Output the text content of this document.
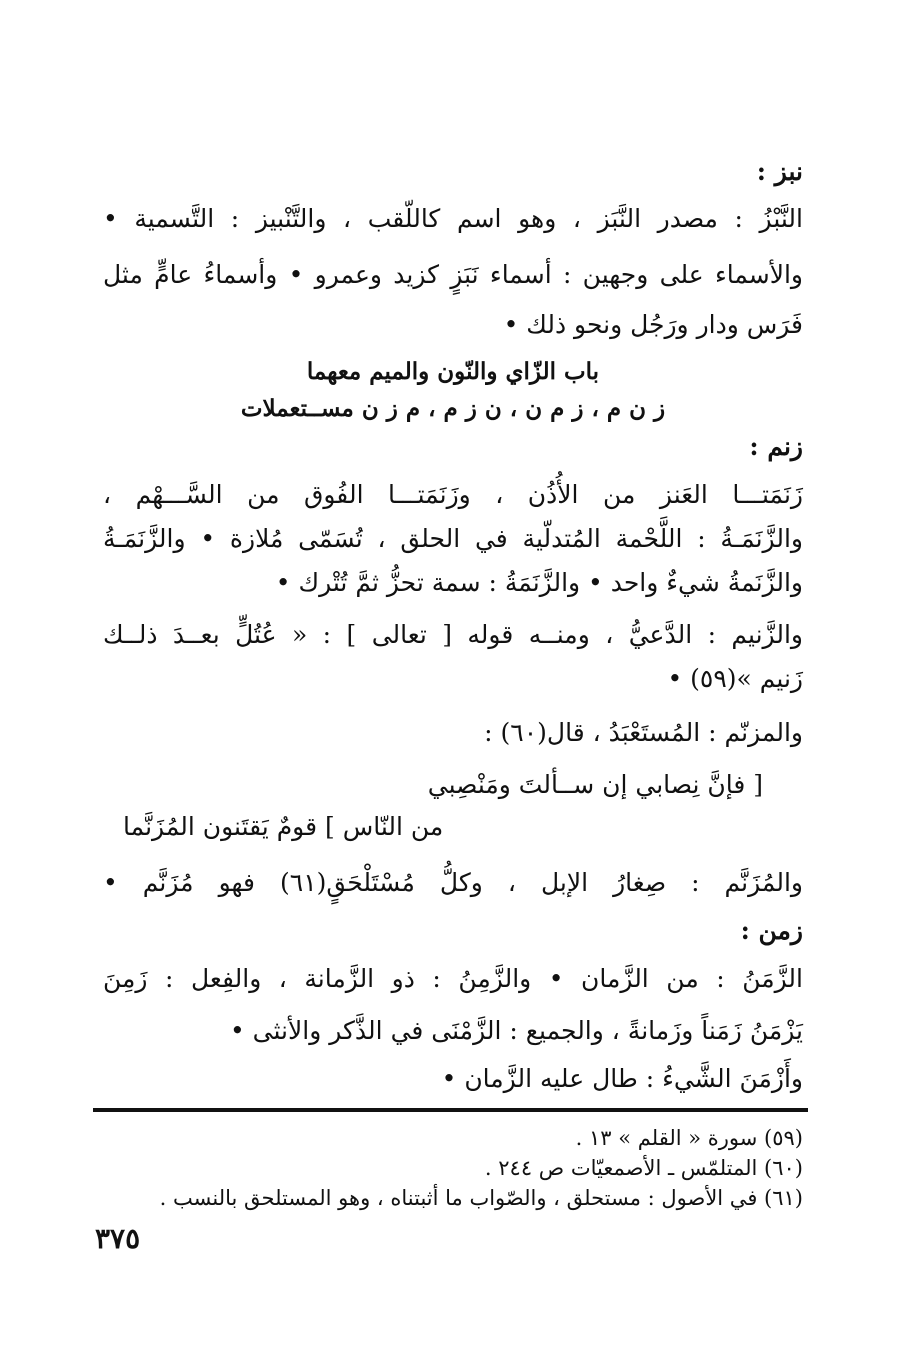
نبز :
النَّبْزُ : مصدر النَّبَز ، وهو اسم كاللّقب ، والتَّنْبيز : التَّسمية •
والأسماء على وجهين : أسماء نَبَزٍ كزيد وعمرو • وأسماءُ عامٍّ مثل
فَرَس ودار ورَجُل ونحو ذلك •
باب الزّاي والنّون والميم معهما
ز ن م ، ز م ن ، ن ز م ، م ز ن مســتعملات
زنم :
زَنَمَتـــا العَنز من الأُذُن ، وزَنَمَتـــا الفُوق من السَّـــهْم ،
والزَّنَمَـةُ : اللَّحْمة المُتدلّية في الحلق ، تُسَمّى مُلازة • والزَّنَمَـةُ
والزَّنَمةُ شيءٌ واحد • والزَّنَمَةُ : سمة تحزُّ ثمَّ تُتْرك •
والزَّنيم : الدَّعيُّ ، ومنــه قوله [ تعالى ] : « عُتُلٍّ بعــدَ ذلــك
زَنيم »(٥٩) •
والمزنّم : المُستَعْبَدُ ، قال(٦٠) :
[ فإنَّ نِصابي إن ســألتَ ومَنْصِبي
من النّاس ] قومٌ يَقتَنون المُزَنَّما
والمُزَنَّم : صِغارُ الإبل ، وكلُّ مُسْتَلْحَقٍ(٦١) فهو مُزَنَّم •
زمن :
الزَّمَنُ : من الزَّمان • والزَّمِنُ : ذو الزَّمانة ، والفِعل : زَمِنَ
يَزْمَنُ زَمَناً وزَمانةً ، والجميع : الزَّمْنَى في الذَّكر والأنثى •
وأَزْمَنَ الشَّيءُ : طال عليه الزَّمان •
(٥٩) سورة « القلم » ١٣ .
(٦٠) المتلمّس ـ الأصمعيّات ص ٢٤٤ .
(٦١) في الأصول : مستحلق ، والصّواب ما أثبتناه ، وهو المستلحق بالنسب .
٣٧٥
